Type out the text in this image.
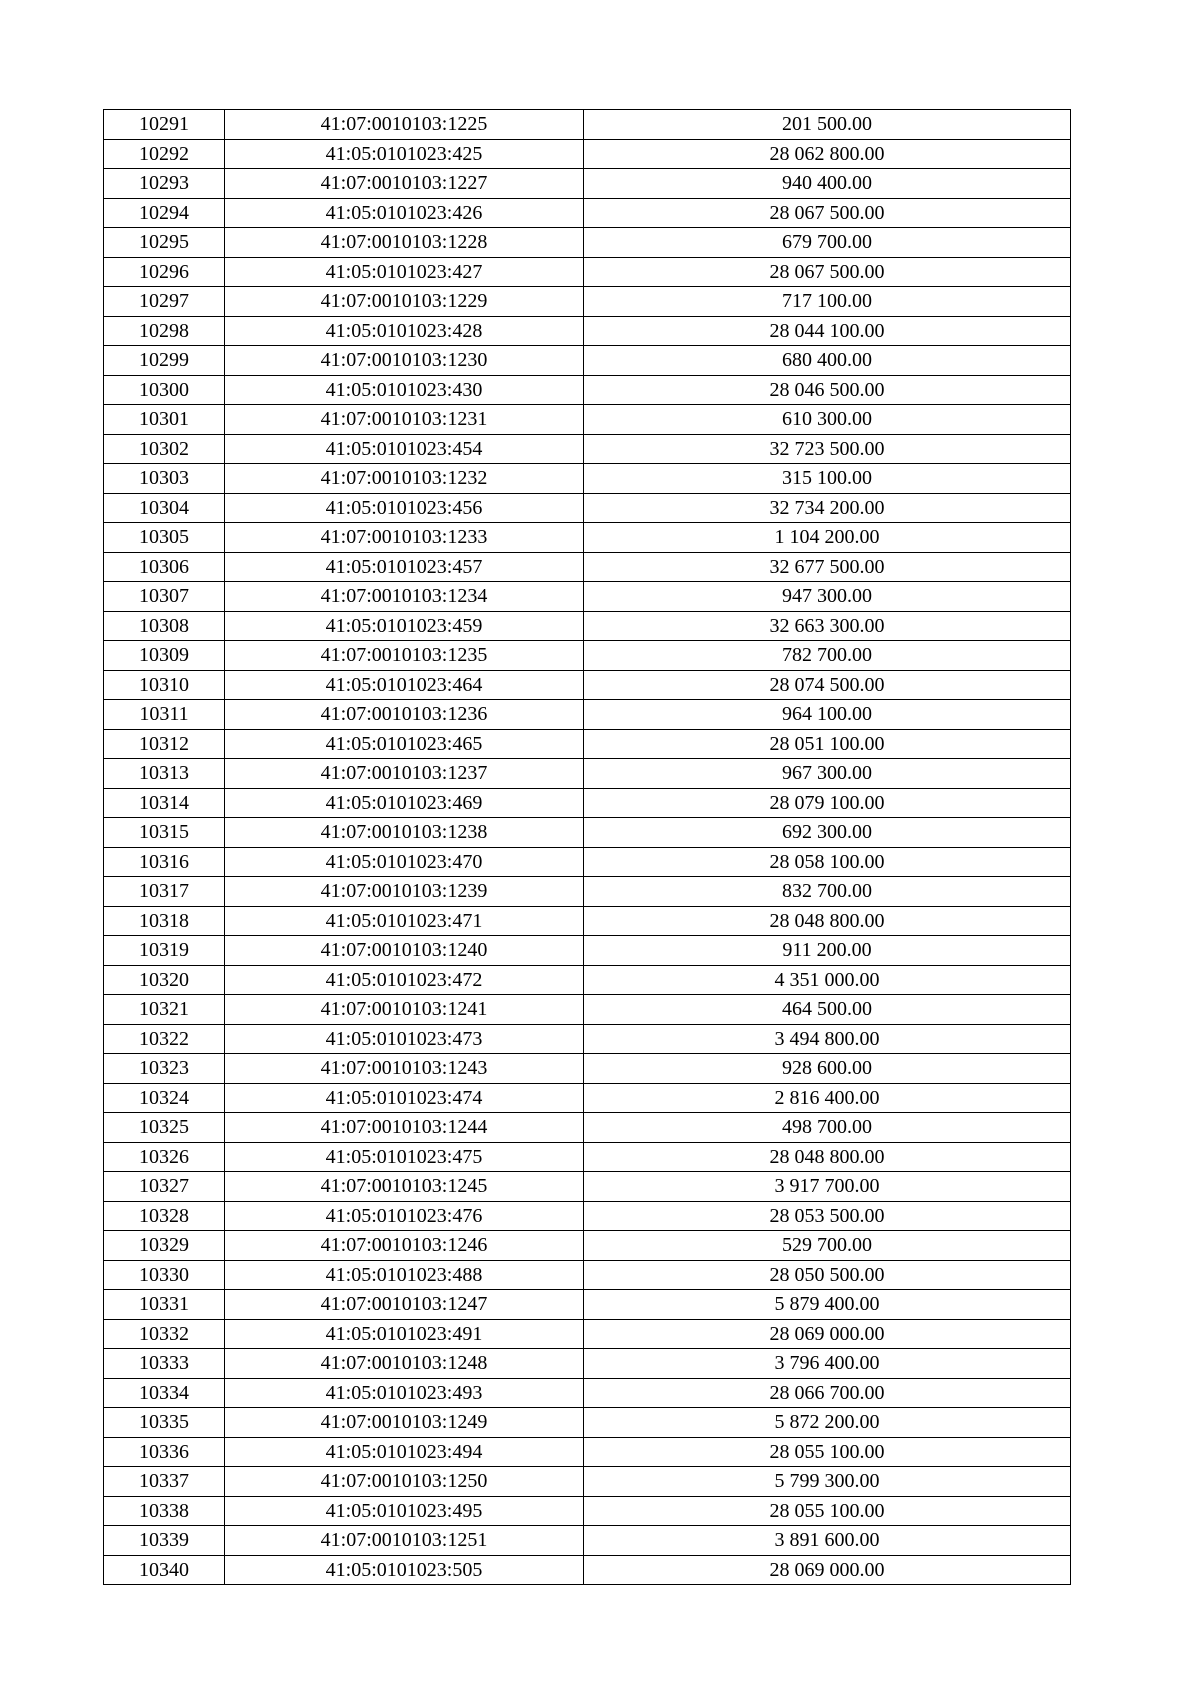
10291	41:07:0010103:1225	201 500.00
10292	41:05:0101023:425	28 062 800.00
10293	41:07:0010103:1227	940 400.00
10294	41:05:0101023:426	28 067 500.00
10295	41:07:0010103:1228	679 700.00
10296	41:05:0101023:427	28 067 500.00
10297	41:07:0010103:1229	717 100.00
10298	41:05:0101023:428	28 044 100.00
10299	41:07:0010103:1230	680 400.00
10300	41:05:0101023:430	28 046 500.00
10301	41:07:0010103:1231	610 300.00
10302	41:05:0101023:454	32 723 500.00
10303	41:07:0010103:1232	315 100.00
10304	41:05:0101023:456	32 734 200.00
10305	41:07:0010103:1233	1 104 200.00
10306	41:05:0101023:457	32 677 500.00
10307	41:07:0010103:1234	947 300.00
10308	41:05:0101023:459	32 663 300.00
10309	41:07:0010103:1235	782 700.00
10310	41:05:0101023:464	28 074 500.00
10311	41:07:0010103:1236	964 100.00
10312	41:05:0101023:465	28 051 100.00
10313	41:07:0010103:1237	967 300.00
10314	41:05:0101023:469	28 079 100.00
10315	41:07:0010103:1238	692 300.00
10316	41:05:0101023:470	28 058 100.00
10317	41:07:0010103:1239	832 700.00
10318	41:05:0101023:471	28 048 800.00
10319	41:07:0010103:1240	911 200.00
10320	41:05:0101023:472	4 351 000.00
10321	41:07:0010103:1241	464 500.00
10322	41:05:0101023:473	3 494 800.00
10323	41:07:0010103:1243	928 600.00
10324	41:05:0101023:474	2 816 400.00
10325	41:07:0010103:1244	498 700.00
10326	41:05:0101023:475	28 048 800.00
10327	41:07:0010103:1245	3 917 700.00
10328	41:05:0101023:476	28 053 500.00
10329	41:07:0010103:1246	529 700.00
10330	41:05:0101023:488	28 050 500.00
10331	41:07:0010103:1247	5 879 400.00
10332	41:05:0101023:491	28 069 000.00
10333	41:07:0010103:1248	3 796 400.00
10334	41:05:0101023:493	28 066 700.00
10335	41:07:0010103:1249	5 872 200.00
10336	41:05:0101023:494	28 055 100.00
10337	41:07:0010103:1250	5 799 300.00
10338	41:05:0101023:495	28 055 100.00
10339	41:07:0010103:1251	3 891 600.00
10340	41:05:0101023:505	28 069 000.00
